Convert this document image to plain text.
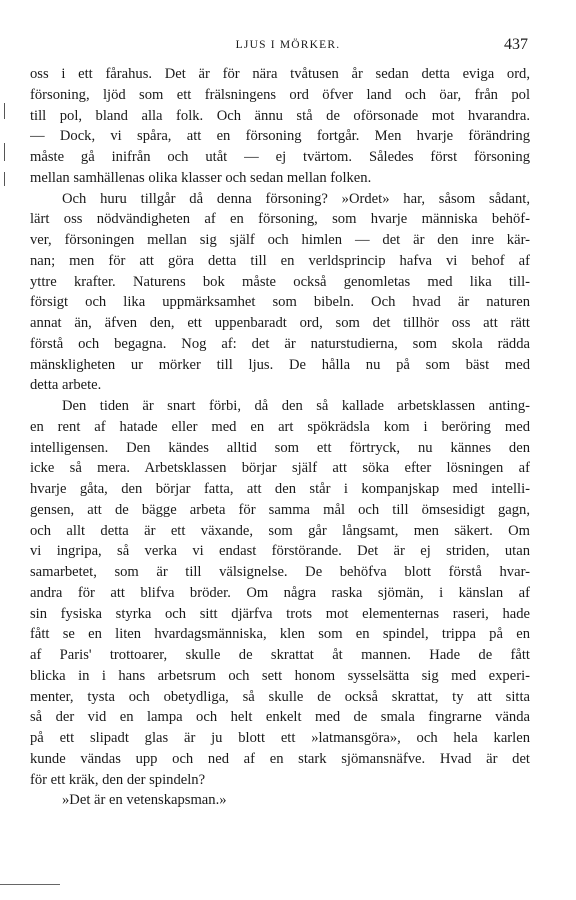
LJUS I MÖRKER.	437
oss i ett fårahus. Det är för nära tvåtusen år sedan detta eviga ord,
försoning, ljöd som ett frälsningens ord öfver land och öar, från pol
till pol, bland alla folk. Och ännu stå de oförsonade mot hvarandra.
— Dock, vi spåra, att en försoning fortgår. Men hvarje förändring
måste gå inifrån och utåt — ej tvärtom. Således först försoning
mellan samhällenas olika klasser och sedan mellan folken.
Och huru tillgår då denna försoning? »Ordet» har, såsom sådant,
lärt oss nödvändigheten af en försoning, som hvarje människa behöf-
ver, försoningen mellan sig själf och himlen — det är den inre kär-
nan; men för att göra detta till en verldsprincip hafva vi behof af
yttre krafter. Naturens bok måste också genomletas med lika till-
försigt och lika uppmärksamhet som bibeln. Och hvad är naturen
annat än, äfven den, ett uppenbaradt ord, som det tillhör oss att rätt
förstå och begagna. Nog af: det är naturstudierna, som skola rädda
mänskligheten ur mörker till ljus. De hålla nu på som bäst med
detta arbete.
Den tiden är snart förbi, då den så kallade arbetsklassen anting-
en rent af hatade eller med en art spökrädsla kom i beröring med
intelligensen. Den kändes alltid som ett förtryck, nu kännes den
icke så mera. Arbetsklassen börjar själf att söka efter lösningen af
hvarje gåta, den börjar fatta, att den står i kompanjskap med intelli-
gensen, att de bägge arbeta för samma mål och till ömsesidigt gagn,
och allt detta är ett växande, som går långsamt, men säkert. Om
vi ingripa, så verka vi endast förstörande. Det är ej striden, utan
samarbetet, som är till välsignelse. De behöfva blott förstå hvar-
andra för att blifva bröder. Om några raska sjömän, i känslan af
sin fysiska styrka och sitt djärfva trots mot elementernas raseri, hade
fått se en liten hvardagsmänniska, klen som en spindel, trippa på en
af Paris' trottoarer, skulle de skrattat åt mannen. Hade de fått
blicka in i hans arbetsrum och sett honom sysselsätta sig med experi-
menter, tysta och obetydliga, så skulle de också skrattat, ty att sitta
så der vid en lampa och helt enkelt med de smala fingrarne vända
på ett slipadt glas är ju blott ett »latmansgöra», och hela karlen
kunde vändas upp och ned af en stark sjömansnäfve. Hvad är det
för ett kräk, den der spindeln?
»Det är en vetenskapsman.»
